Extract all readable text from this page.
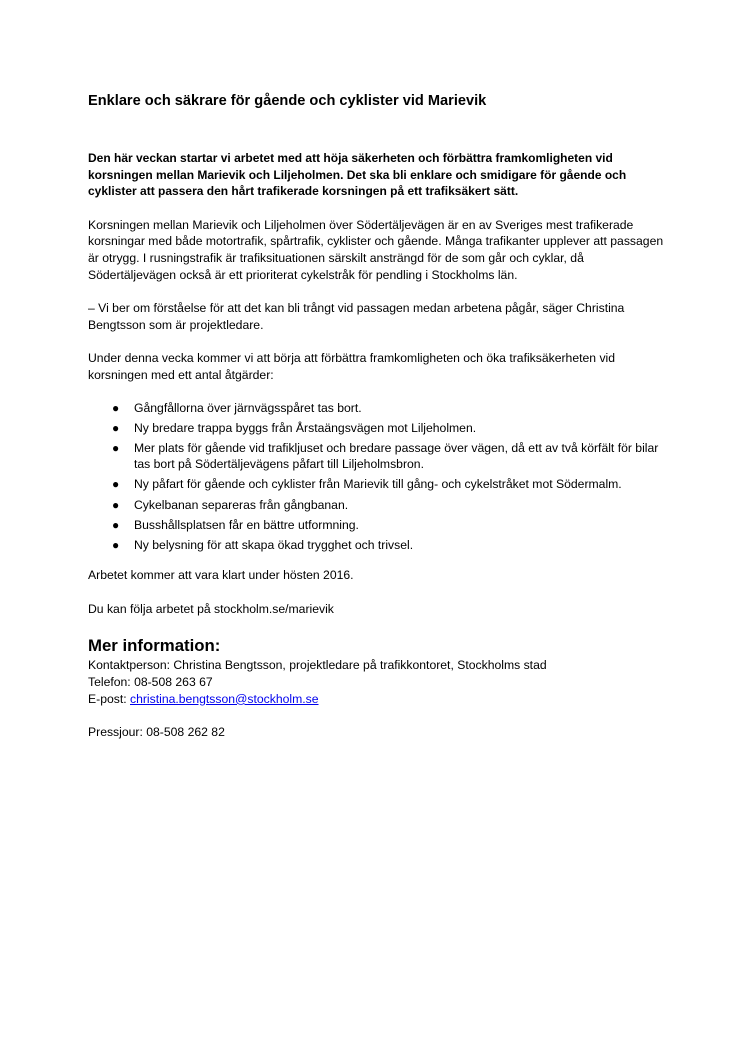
Enklare och säkrare för gående och cyklister vid Marievik

Den här veckan startar vi arbetet med att höja säkerheten och förbättra framkomligheten vid korsningen mellan Marievik och Liljeholmen. Det ska bli enklare och smidigare för gående och cyklister att passera den hårt trafikerade korsningen på ett trafiksäkert sätt.

Korsningen mellan Marievik och Liljeholmen över Södertäljevägen är en av Sveriges mest trafikerade korsningar med både motortrafik, spårtrafik, cyklister och gående. Många trafikanter upplever att passagen är otrygg. I rusningstrafik är trafiksituationen särskilt ansträngd för de som går och cyklar, då Södertäljevägen också är ett prioriterat cykelstråk för pendling i Stockholms län.

– Vi ber om förståelse för att det kan bli trångt vid passagen medan arbetena pågår, säger Christina Bengtsson som är projektledare.

Under denna vecka kommer vi att börja att förbättra framkomligheten och öka trafiksäkerheten vid korsningen med ett antal åtgärder:

● Gångfållorna över järnvägsspåret tas bort.
● Ny bredare trappa byggs från Årstaängsvägen mot Liljeholmen.
● Mer plats för gående vid trafikljuset och bredare passage över vägen, då ett av två körfält för bilar tas bort på Södertäljevägens påfart till Liljeholmsbron.
● Ny påfart för gående och cyklister från Marievik till gång- och cykelstråket mot Södermalm.
● Cykelbanan separeras från gångbanan.
● Busshållsplatsen får en bättre utformning.
● Ny belysning för att skapa ökad trygghet och trivsel.

Arbetet kommer att vara klart under hösten 2016.

Du kan följa arbetet på stockholm.se/marievik

Mer information:
Kontaktperson: Christina Bengtsson, projektledare på trafikkontoret, Stockholms stad
Telefon: 08-508 263 67
E-post: christina.bengtsson@stockholm.se
Pressjour: 08-508 262 82
